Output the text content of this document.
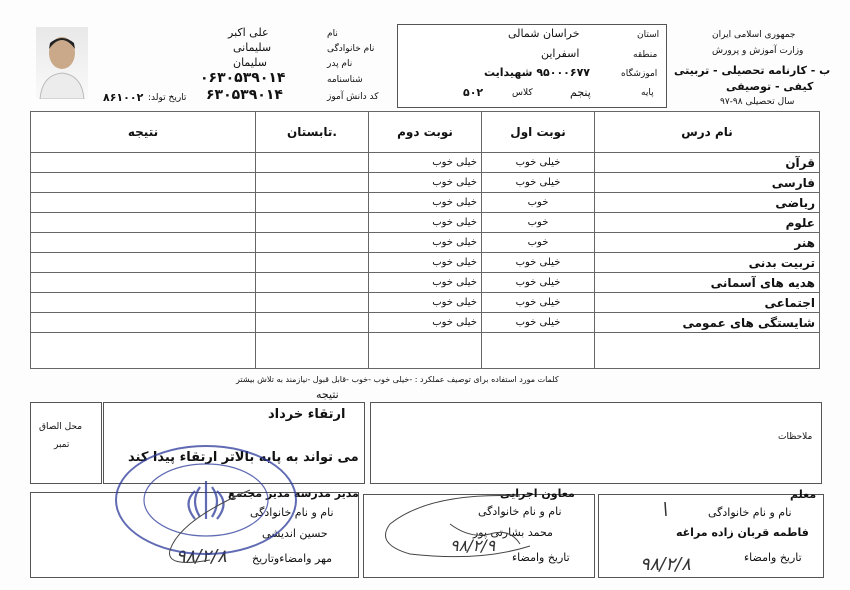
نام
علی اکبر
نام خانوادگی
سلیمانی
نام پدر
سلیمان
شناسنامه
۰۶۳۰۵۳۹۰۱۴
کد دانش آموز
۶۳۰۵۳۹۰۱۴
تاریخ تولد:
۸۶۱۰۰۲
استان
خراسان شمالی
منطقه
اسفراین
اموزشگاه
۹۵۰۰۰۶۷۷ شهیدایت
پایه
پنجم
کلاس
۵۰۲
جمهوری اسلامی ایران
وزارت آموزش و پرورش
ب - کارنامه تحصیلی - تربیتی
کیفی - توصیفی
سال تحصیلی ۹۸-۹۷
نام درس	نوبت اول	نوبت دوم	.تابستان	نتیجه
قرآن	خیلی خوب	خیلی خوب		
فارسی	خیلی خوب	خیلی خوب		
ریاضی	خوب	خیلی خوب		
علوم	خوب	خیلی خوب		
هنر	خوب	خیلی خوب		
تربیت بدنی	خیلی خوب	خیلی خوب		
هدیه های آسمانی	خیلی خوب	خیلی خوب		
اجتماعی	خیلی خوب	خیلی خوب		
شایستگی های عمومی	خیلی خوب	خیلی خوب		

کلمات مورد استفاده برای توصیف عملکرد : -خیلی خوب -خوب -قابل قبول -نیازمند به تلاش بیشتر
محل الصاق
تمبر
نتیجه
ارتقاء خرداد
می تواند به پایه بالاتر ارتقاء پیدا کند
ملاحظات
معلم
نام و نام خانوادگی
فاطمه قربان زاده مراغه
تاریخ وامضاء
۹۸/۲/۸
معاون اجرایی
نام و نام خانوادگی
محمد بشارتی پور
تاریخ وامضاء
۹۸/۲/۹
مدیر مدرسه مدیر مجتمع
نام و نام خانوادگی
حسین اندیشی
مهر وامضاءوتاریخ
۹۸/۲/۸
